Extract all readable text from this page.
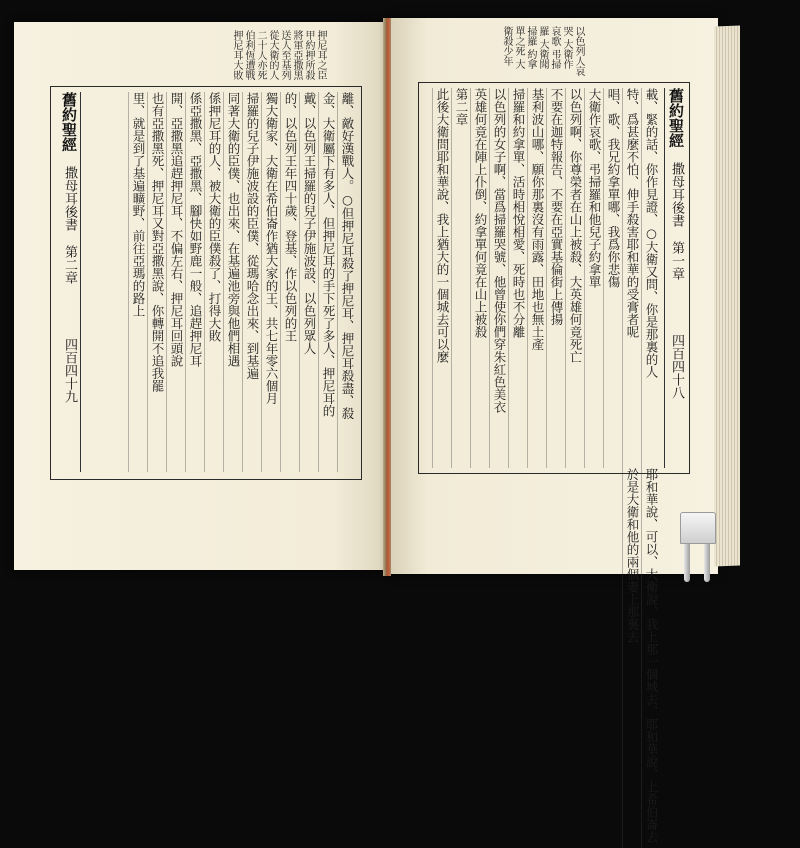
押尼耳之臣 甲約押所殺 將軍亞撒黑 送人至基列 從大衛的人 二十人亦死 伯利恆遭戰 押尼耳大敗
舊約聖經 撒母耳後書 第二章 四百四十九	離、敵好漢戰人。○但押尼耳殺了押尼耳、押尼耳殺盡、殺
金、大衛屬下有多人、但押尼耳的手下死了多人、押尼耳的
戴、以色列王掃羅的兒子伊施波設、以色列眾人
的、以色列王年四十歲、登基、作以色列的王
獨大衛家、大衛在希伯崙作猶大家的王、共七年零六個月
掃羅的兒子伊施波設的臣僕、從瑪哈念出來、到基遍
同著大衛的臣僕、也出來、在基遍池旁與他們相遇
係押尼耳的人、被大衛的臣僕殺了、打得大敗
係亞撒黑、亞撒黑、腳快如野鹿一般、追趕押尼耳
開、亞撒黑追趕押尼耳、不偏左右、押尼耳回頭說
也有亞撒黑死、押尼耳又對亞撒黑說、你轉開不追我罷
里、就是到了基遍曠野、前往亞瑪的路上
以色列人哀哭 大衛作哀歌 弔掃羅 大衛聞掃羅 約拿單之死 大衛殺少年
舊約聖經 撒母耳後書 第一章 四百四十八
載、緊的話、你作見證、○大衛又問、你是那裏的人
特、爲甚麼不怕、伸手殺害耶和華的受膏者呢
唱、歌、我兄約拿單哪、我爲你悲傷
大衛作哀歌、弔掃羅和他兒子約拿單
以色列啊、你尊榮者在山上被殺、大英雄何竟死亡
不要在迦特報告、不要在亞實基倫街上傳揚
基利波山哪、願你那裏沒有雨露、田地也無土產
掃羅和約拿單、活時相悅相愛、死時也不分離
以色列的女子啊、當爲掃羅哭號、他曾使你們穿朱紅色美衣
英雄何竟在陣上仆倒、約拿單何竟在山上被殺
第二章
此後大衛問耶和華說、我上猶大的一個城去可以麼
耶和華說、可以、大衛說、我上那一個城去、耶和華說、上希伯崙去
於是大衛和他的兩個妻上那裏去
